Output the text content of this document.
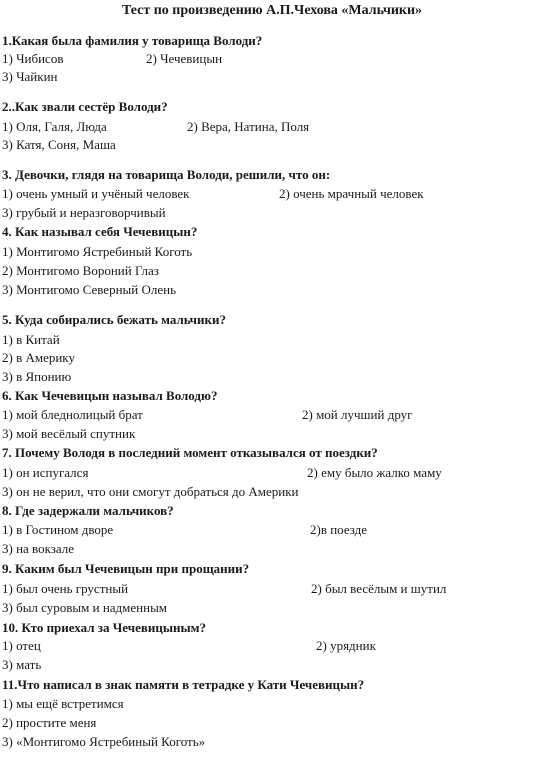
Тест по произведению А.П.Чехова «Мальчики»
1.Какая была фамилия у товарища Володи?
1) Чибисов	2) Чечевицын
3) Чайкин
2..Как звали сестёр Володи?
1) Оля, Галя, Люда	2) Вера, Натина, Поля
3) Катя, Соня, Маша
3. Девочки, глядя на товарища Володи, решили, что он:
1) очень умный и учёный человек	2) очень мрачный человек
3) грубый и неразговорчивый
4. Как называл себя Чечевицын?
1) Монтигомо Ястребиный Коготь
2) Монтигомо Вороний Глаз
3) Монтигомо Северный Олень
5. Куда собирались бежать мальчики?
1) в Китай
2) в Америку
3) в Японию
6. Как Чечевицын называл Володю?
1) мой бледнолицый брат	2) мой лучший друг
3) мой весёлый спутник
7. Почему Володя в последний момент отказывался от поездки?
1) он испугался	2) ему было жалко маму
3) он не верил, что они смогут добраться до Америки
8. Где задержали мальчиков?
1) в Гостином дворе	2)в поезде
3) на вокзале
9. Каким был Чечевицын при прощании?
1) был очень грустный	2) был весёлым и шутил
3) был суровым и надменным
10. Кто приехал за Чечевицыным?
1) отец	2) урядник
3) мать
11.Что написал в знак памяти в тетрадке у Кати Чечевицын?
1) мы ещё встретимся
2) простите меня
3) «Монтигомо Ястребиный Коготь»
